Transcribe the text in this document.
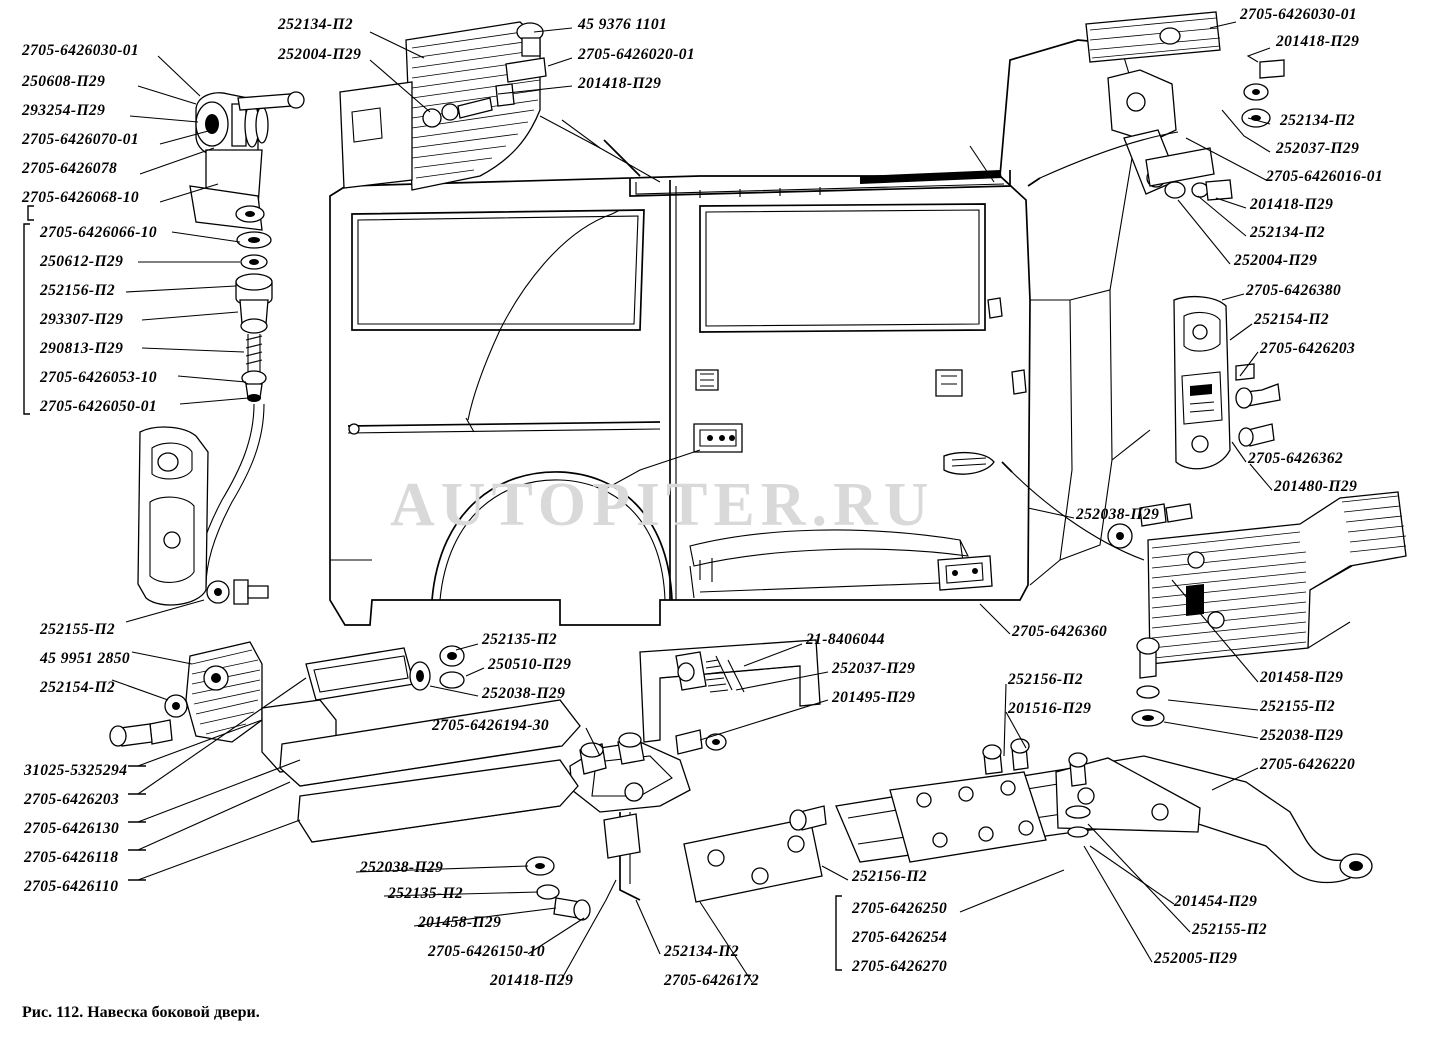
AUTOPITER.RU
2705-6426030-01
250608-П29
293254-П29
2705-6426070-01
2705-6426078
2705-6426068-10
2705-6426066-10
250612-П29
252156-П2
293307-П29
290813-П29
2705-6426053-10
2705-6426050-01
252134-П2
252004-П29
45 9376 1101
2705-6426020-01
201418-П29
2705-6426030-01
201418-П29
252134-П2
252037-П29
2705-6426016-01
201418-П29
252134-П2
252004-П29
2705-6426380
252154-П2
2705-6426203
2705-6426362
201480-П29
252038-П29
2705-6426360
201458-П29
252155-П2
252038-П29
2705-6426220
252156-П2
201516-П29
201454-П29
252155-П2
252005-П29
252156-П2
2705-6426250
2705-6426254
2705-6426270
21-8406044
252037-П29
201495-П29
252135-П2
250510-П29
252038-П29
2705-6426194-30
252155-П2
45 9951 2850
252154-П2
31025-5325294
2705-6426203
2705-6426130
2705-6426118
2705-6426110
252038-П29
252135-П2
201458-П29
2705-6426150-10
201418-П29
252134-П2
2705-6426172
Рис. 112. Навеска боковой двери.
